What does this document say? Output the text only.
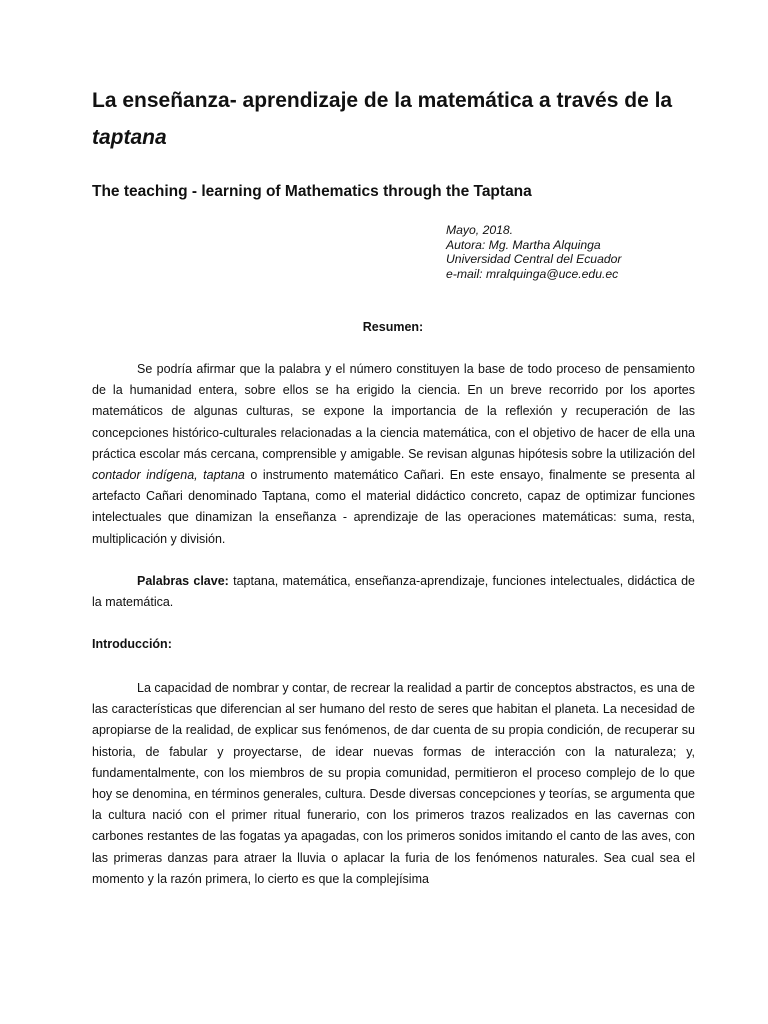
La enseñanza- aprendizaje de la matemática a través de la taptana
The teaching - learning of Mathematics through the Taptana
Mayo, 2018.
Autora: Mg. Martha Alquinga
Universidad Central del Ecuador
e-mail: mralquinga@uce.edu.ec
Resumen:

Se podría afirmar que la palabra y el número constituyen la base de todo proceso de pensamiento de la humanidad entera, sobre ellos se ha erigido la ciencia. En un breve recorrido por los aportes matemáticos de algunas culturas, se expone la importancia de la reflexión y recuperación de las concepciones histórico-culturales relacionadas a la ciencia matemática, con el objetivo de hacer de ella una práctica escolar más cercana, comprensible y amigable. Se revisan algunas hipótesis sobre la utilización del contador indígena, taptana o instrumento matemático Cañari. En este ensayo, finalmente se presenta al artefacto Cañari denominado Taptana, como el material didáctico concreto, capaz de optimizar funciones intelectuales que dinamizan la enseñanza - aprendizaje de las operaciones matemáticas: suma, resta, multiplicación y división.

Palabras clave: taptana, matemática, enseñanza-aprendizaje, funciones intelectuales, didáctica de la matemática.

Introducción:

La capacidad de nombrar y contar, de recrear la realidad a partir de conceptos abstractos, es una de las características que diferencian al ser humano del resto de seres que habitan el planeta. La necesidad de apropiarse de la realidad, de explicar sus fenómenos, de dar cuenta de su propia condición, de recuperar su historia, de fabular y proyectarse, de idear nuevas formas de interacción con la naturaleza; y, fundamentalmente, con los miembros de su propia comunidad, permitieron el proceso complejo de lo que hoy se denomina, en términos generales, cultura. Desde diversas concepciones y teorías, se argumenta que la cultura nació con el primer ritual funerario, con los primeros trazos realizados en las cavernas con carbones restantes de las fogatas ya apagadas, con los primeros sonidos imitando el canto de las aves, con las primeras danzas para atraer la lluvia o aplacar la furia de los fenómenos naturales. Sea cual sea el momento y la razón primera, lo cierto es que la complejísima
